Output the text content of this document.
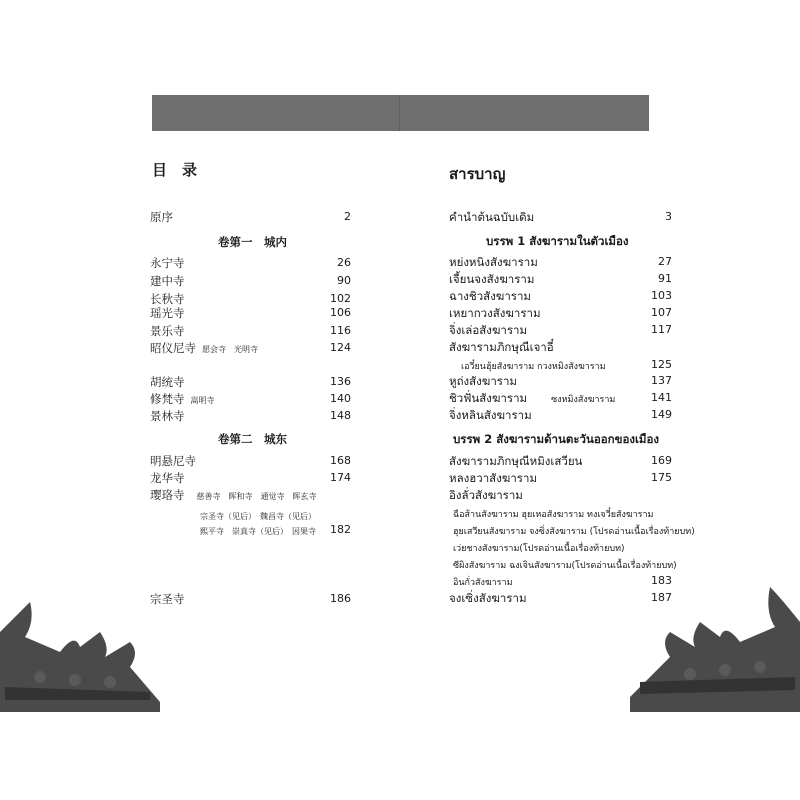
目　录
原序	2
卷第一　城内
永宁寺	26
建中寺	90
长秋寺	102
瑶光寺	106
景乐寺	116
昭仪尼寺 愿会寺　光明寺	124
胡统寺	136
修梵寺 嵩明寺	140
景林寺	148
卷第二　城东
明悬尼寺	168
龙华寺	174
璎珞寺 慈善寺　晖和寺　通觉寺　晖玄寺
宗圣寺（见后）　魏昌寺（见后）
熙平寺　崇真寺（见后）　因果寺 182
宗圣寺	186
สารบาญ
คำนำต้นฉบับเดิม	3
บรรพ 1 สังฆารามในตัวเมือง
หย่งหนิงสังฆาราม	27
เจี้ยนจงสังฆาราม	91
ฉางชิวสังฆาราม	103
เหยากวงสังฆาราม	107
จิ่งเล่อสังฆาราม	117
สังฆารามภิกษุณีเจาอี๋
เอวี๋ยนฮุ้ยสังฆาราม กวงหมิงสังฆาราม	125
หูถ่งสังฆาราม	137
ชิวฟั่นสังฆาราม	ซงหมิงสังฆาราม	141
จิ่งหลินสังฆาราม	149
บรรพ 2 สังฆารามด้านตะวันออกของเมือง
สังฆารามภิกษุณีหมิงเสวียน	169
หลงฮวาสังฆาราม	175
อิงลั่วสังฆาราม
ฉือส้านสังฆาราม ฮุยเหอสังฆาราม ทงเจวี๋ยสังฆาราม
ฮุยเสวียนสังฆาราม จงซิ่งสังฆาราม (โปรดอ่านเนื้อเรื่องท้ายบท)
เว่ยชางสังฆาราม(โปรดอ่านเนื้อเรื่องท้ายบท)
ซีผิงสังฆาราม ฉงเจินสังฆาราม(โปรดอ่านเนื้อเรื่องท้ายบท)
อินกั่วสังฆาราม	183
จงเซิ่งสังฆาราม	187
